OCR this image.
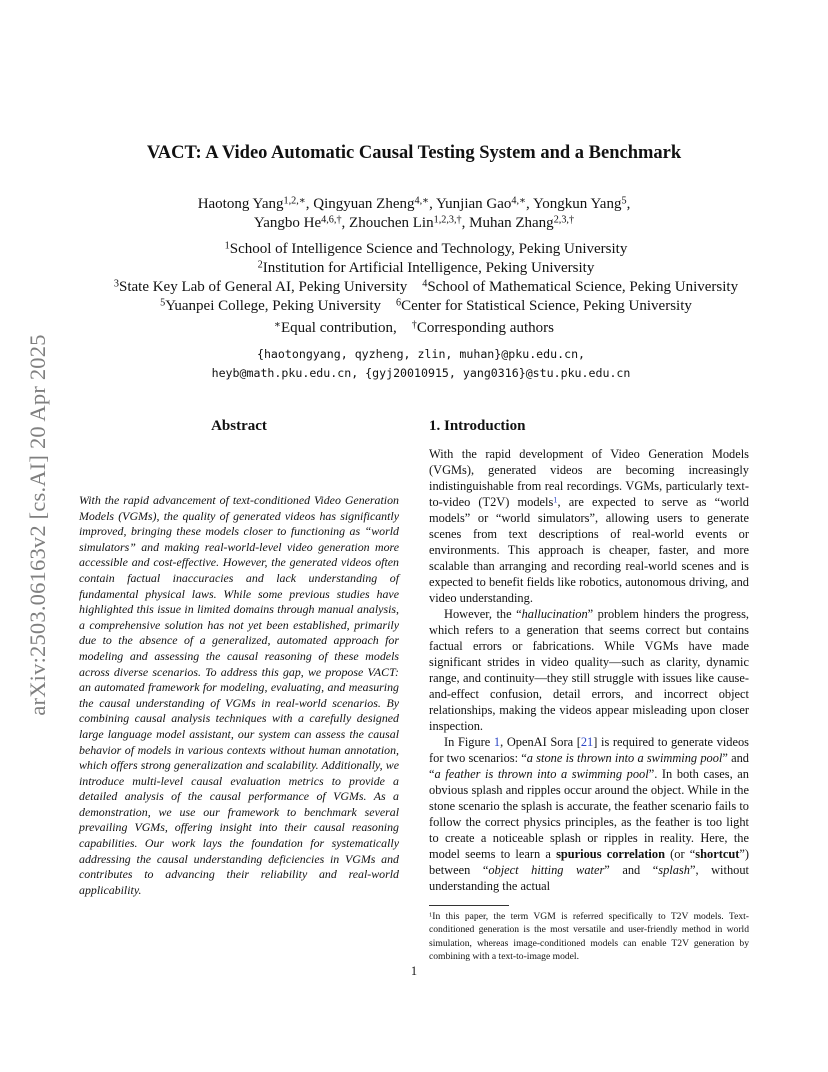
arXiv:2503.06163v2 [cs.AI] 20 Apr 2025
VACT: A Video Automatic Causal Testing System and a Benchmark
Haotong Yang$^{1,2,∗}$, Qingyuan Zheng$^{4,∗}$, Yunjian Gao$^{4,∗}$, Yongkun Yang$^5$,
Yangbo $He^{4,6,\dagger}$, Zhouchen Lin$^{1,2,3,\dagger}$, Muhan Zhang$^{2,3,\dagger}$
$^1$School of Intelligence Science and Technology, Peking University
$^2$Institution for Artificial Intelligence, Peking University
$^3$State Key Lab of General AI, Peking University $^4$School of Mathematical Science, Peking University
$^5$Yuanpei College, Peking University $^6$Center for Statistical Science, Peking University
∗Equal contribution, †Corresponding authors
{haotongyang, qyzheng, zlin, muhan}@pku.edu.cn,
heyb@math.pku.edu.cn, {gyj20010915, yang0316}@stu.pku.edu.cn
Abstract
With the rapid advancement of text-conditioned Video Generation Models (VGMs), the quality of generated videos has significantly improved, bringing these models closer to functioning as “world simulators” and making real-world-level video generation more accessible and cost-effective. However, the generated videos often contain factual inaccuracies and lack understanding of fundamental physical laws. While some previous studies have highlighted this issue in limited domains through manual analysis, a comprehensive solution has not yet been established, primarily due to the absence of a generalized, automated approach for modeling and assessing the causal reasoning of these models across diverse scenarios. To address this gap, we propose VACT: an automated framework for modeling, evaluating, and measuring the causal understanding of VGMs in real-world scenarios. By combining causal analysis techniques with a carefully designed large language model assistant, our system can assess the causal behavior of models in various contexts without human annotation, which offers strong generalization and scalability. Additionally, we introduce multi-level causal evaluation metrics to provide a detailed analysis of the causal performance of VGMs. As a demonstration, we use our framework to benchmark several prevailing VGMs, offering insight into their causal reasoning capabilities. Our work lays the foundation for systematically addressing the causal understanding deficiencies in VGMs and contributes to advancing their reliability and real-world applicability.
1. Introduction

With the rapid development of Video Generation Models (VGMs), generated videos are becoming increasingly indistinguishable from real recordings. VGMs, particularly text-to-video (T2V) models$^1$, are expected to serve as “world models” or “world simulators”, allowing users to generate scenes from text descriptions of real-world events or environments. This approach is cheaper, faster, and more scalable than arranging and recording real-world scenes and is expected to benefit fields like robotics, autonomous driving, and video understanding.

However, the “hallucination” problem hinders the progress, which refers to a generation that seems correct but contains factual errors or fabrications. While VGMs have made significant strides in video quality—such as clarity, dynamic range, and continuity—they still struggle with issues like cause-and-effect confusion, detail errors, and incorrect object relationships, making the videos appear misleading upon closer inspection.

In Figure 1, OpenAI Sora [21] is required to generate videos for two scenarios: “a stone is thrown into a swimming pool” and “a feather is thrown into a swimming pool”. In both cases, an obvious splash and ripples occur around the object. While in the stone scenario the splash is accurate, the feather scenario fails to follow the correct physics principles, as the feather is too light to create a noticeable splash or ripples in reality. Here, the model seems to learn a spurious correlation (or “shortcut”) between “object hitting water” and “splash”, without understanding the actual

$^1$In this paper, the term VGM is referred specifically to T2V models. Text-conditioned generation is the most versatile and user-friendly method in world simulation, whereas image-conditioned models can enable T2V generation by combining with a text-to-image model.
1
